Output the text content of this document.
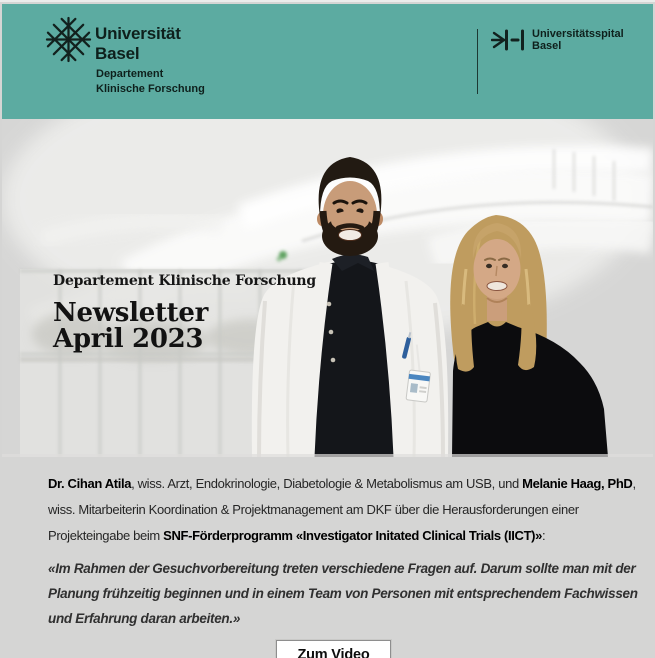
Universität
Basel
Departement
Klinische Forschung
Universitätsspital
Basel
Departement Klinische Forschung
Newsletter
April 2023
Dr. Cihan Atila, wiss. Arzt, Endokrinologie, Diabetologie & Metabolismus am USB, und Melanie Haag, PhD,
wiss. Mitarbeiterin Koordination & Projektmanagement am DKF über die Herausforderungen einer
Projekteingabe beim SNF-Förderprogramm «Investigator Initated Clinical Trials (IICT)»:
«Im Rahmen der Gesuchvorbereitung treten verschiedene Fragen auf. Darum sollte man mit der
Planung frühzeitig beginnen und in einem Team von Personen mit entsprechendem Fachwissen
und Erfahrung daran arbeiten.»
Zum Video
